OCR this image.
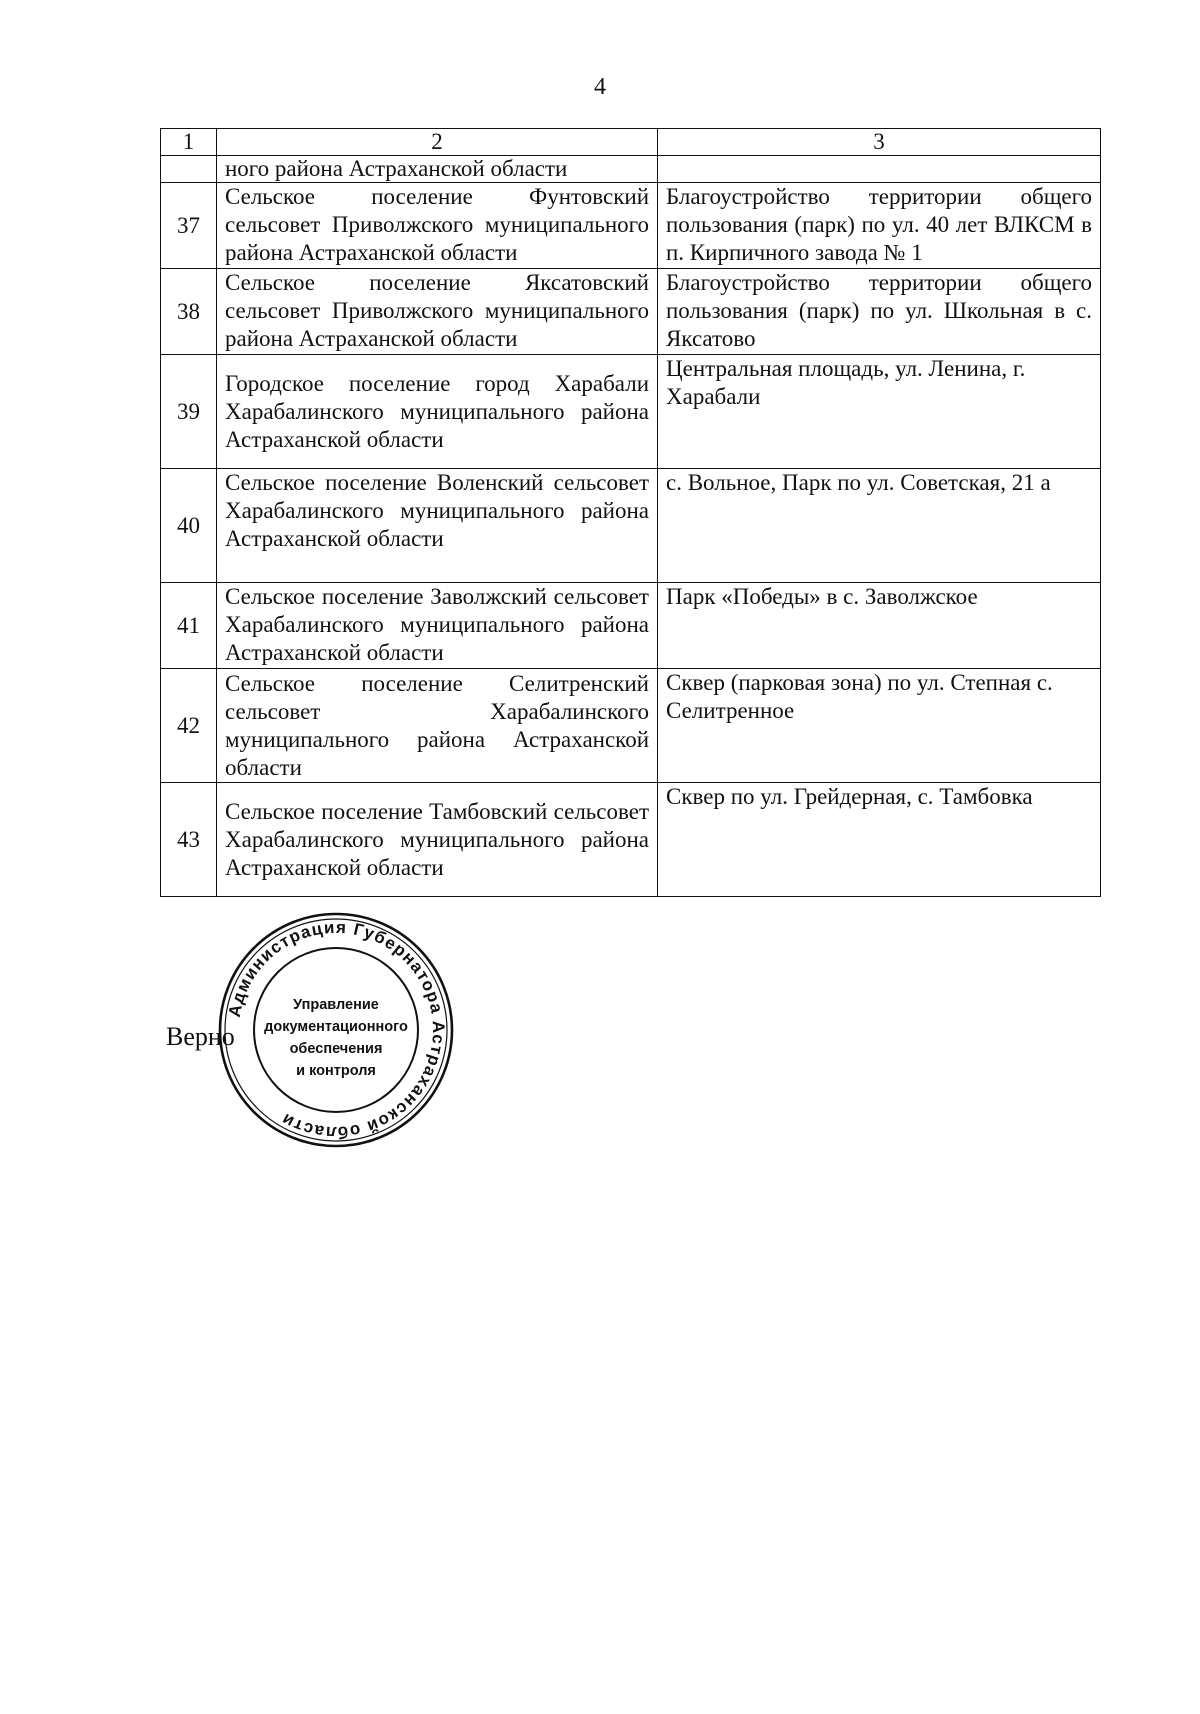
4
1	2	3
	ного района Астраханской области	
37	Сельское поселение Фунтовский сельсовет Приволжского муниципального района Астраханской области	Благоустройство территории общего пользования (парк) по ул. 40 лет ВЛКСМ в п. Кирпичного завода № 1
38	Сельское поселение Яксатовский сельсовет Приволжского муниципального района Астраханской области	Благоустройство территории общего пользования (парк) по ул. Школьная в с. Яксатово
39	Городское поселение город Харабали Харабалинского муниципального района Астраханской области	Центральная площадь, ул. Ленина, г. Харабали
40	Сельское поселение Воленский сельсовет Харабалинского муниципального района Астраханской области	с. Вольное, Парк по ул. Советская, 21 а
41	Сельское поселение Заволжский сельсовет Харабалинского муниципального района Астраханской области	Парк «Победы» в с. Заволжское
42	Сельское поселение Селитренский сельсовет Харабалинского муниципального района Астраханской области	Сквер (парковая зона) по ул. Степная с. Селитренное
43	Сельское поселение Тамбовский сельсовет Харабалинского муниципального района Астраханской области	Сквер по ул. Грейдерная, с. Тамбовка
Верно
Администрация Губернатора Астраханской области
Управление
документационного
обеспечения
и контроля
